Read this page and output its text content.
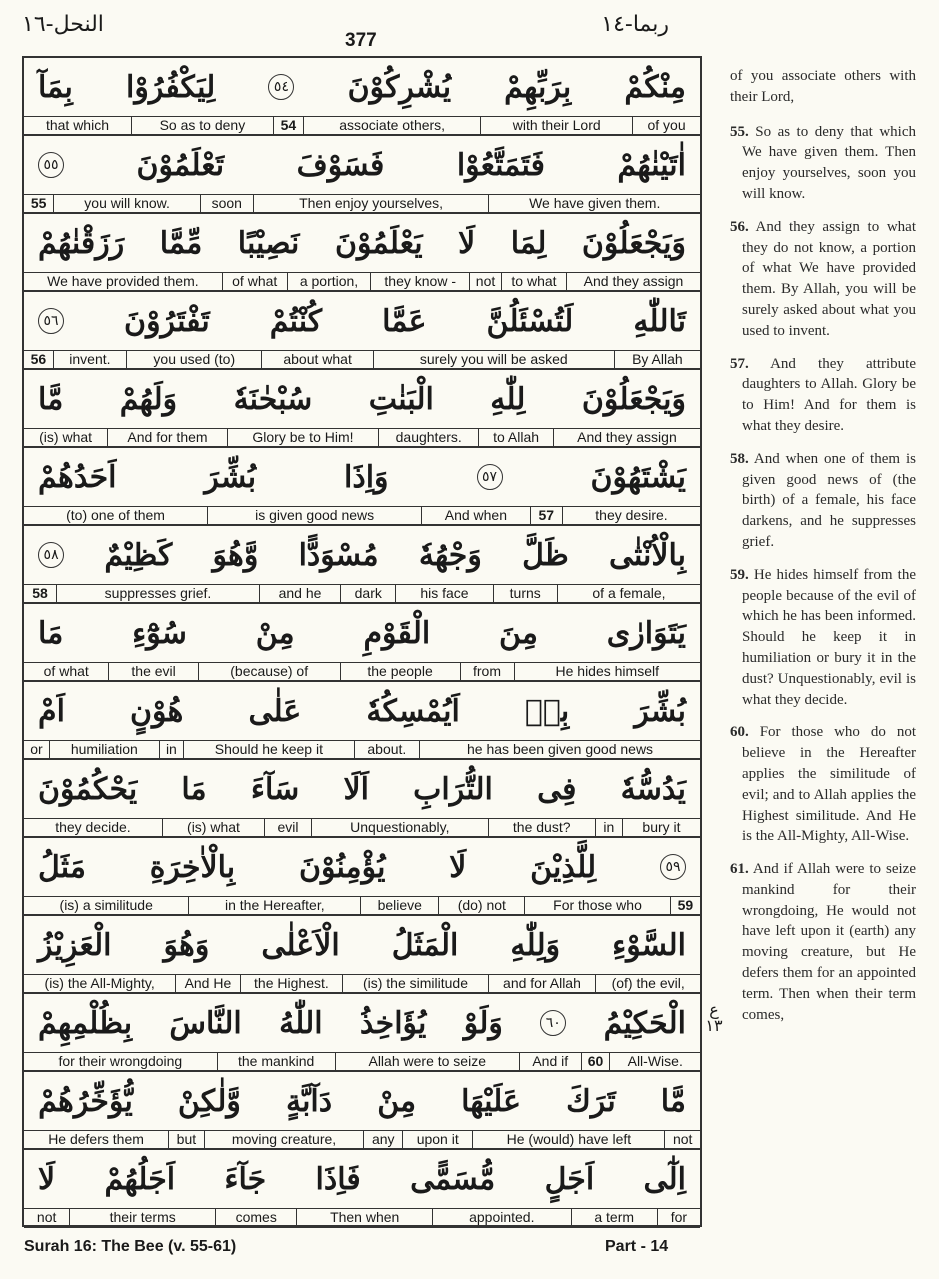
النحل-١٦
377
ربما-١٤
مِنْكُمْ
بِرَبِّهِمْ
يُشْرِكُوْنَ
٥٤
لِيَكْفُرُوْا
بِمَآ
of you
with their Lord
associate others,
54
So as to deny
that which
اٰتَيْنٰهُمْ
فَتَمَتَّعُوْا
فَسَوْفَ
تَعْلَمُوْنَ
٥٥
We have given them.
Then enjoy yourselves,
soon
you will know.
55
وَيَجْعَلُوْنَ
لِمَا
لَا
يَعْلَمُوْنَ
نَصِيْبًا
مِّمَّا
رَزَقْنٰهُمْ
And they assign
to what
not
they know -
a portion,
of what
We have provided them.
تَاللّٰهِ
لَتُسْئَلُنَّ
عَمَّا
كُنْتُمْ
تَفْتَرُوْنَ
٥٦
By Allah
surely you will be asked
about what
you used (to)
invent.
56
وَيَجْعَلُوْنَ
لِلّٰهِ
الْبَنٰتِ
سُبْحٰنَهٗ
وَلَهُمْ
مَّا
And they assign
to Allah
daughters.
Glory be to Him!
And for them
(is) what
يَشْتَهُوْنَ
٥٧
وَاِذَا
بُشِّرَ
اَحَدُهُمْ
they desire.
57
And when
is given good news
(to) one of them
بِالْاُنْثٰى
ظَلَّ
وَجْهُهٗ
مُسْوَدًّا
وَّهُوَ
كَظِيْمٌ
٥٨
of a female,
turns
his face
dark
and he
suppresses grief.
58
يَتَوَارٰى
مِنَ
الْقَوْمِ
مِنْ
سُوْٓءِ
مَا
He hides himself
from
the people
(because) of
the evil
of what
بُشِّرَ
بِهٖ
اَيُمْسِكُهٗ
عَلٰى
هُوْنٍ
اَمْ
he has been given good news
about.
Should he keep it
in
humiliation
or
يَدُسُّهٗ
فِى
التُّرَابِ
اَلَا
سَآءَ
مَا
يَحْكُمُوْنَ
bury it
in
the dust?
Unquestionably,
evil
(is) what
they decide.
٥٩
لِلَّذِيْنَ
لَا
يُؤْمِنُوْنَ
بِالْاٰخِرَةِ
مَثَلُ
59
For those who
(do) not
believe
in the Hereafter,
(is) a similitude
السَّوْءِ
وَلِلّٰهِ
الْمَثَلُ
الْاَعْلٰى
وَهُوَ
الْعَزِيْزُ
(of) the evil,
and for Allah
(is) the similitude
the Highest.
And He
(is) the All-Mighty,
الْحَكِيْمُ
٦٠
وَلَوْ
يُؤَاخِذُ
اللّٰهُ
النَّاسَ
بِظُلْمِهِمْ
All-Wise.
60
And if
Allah were to seize
the mankind
for their wrongdoing
مَّا
تَرَكَ
عَلَيْهَا
مِنْ
دَآبَّةٍ
وَّلٰكِنْ
يُّؤَخِّرُهُمْ
not
He (would) have left
upon it
any
moving creature,
but
He defers them
اِلٰٓى
اَجَلٍ
مُّسَمًّى
فَاِذَا
جَآءَ
اَجَلُهُمْ
لَا
for
a term
appointed.
Then when
comes
their terms
not
ع ١٣
Surah 16: The Bee (v. 55-61)	Part - 14

of you associate others with their Lord,

55. So as to deny that which We have given them. Then enjoy yourselves, soon you will know.

56. And they assign to what they do not know, a portion of what We have provided them. By Allah, you will be surely asked about what you used to invent.

57. And they attribute daughters to Allah. Glory be to Him! And for them is what they desire.

58. And when one of them is given good news of (the birth) of a female, his face darkens, and he suppresses grief.

59. He hides himself from the people because of the evil of which he has been informed. Should he keep it in humiliation or bury it in the dust? Unquestionably, evil is what they decide.

60. For those who do not believe in the Hereafter applies the similitude of evil; and to Allah applies the Highest similitude. And He is the All-Mighty, All-Wise.

61. And if Allah were to seize mankind for their wrongdoing, He would not have left upon it (earth) any moving creature, but He defers them for an appointed term. Then when their term comes,
